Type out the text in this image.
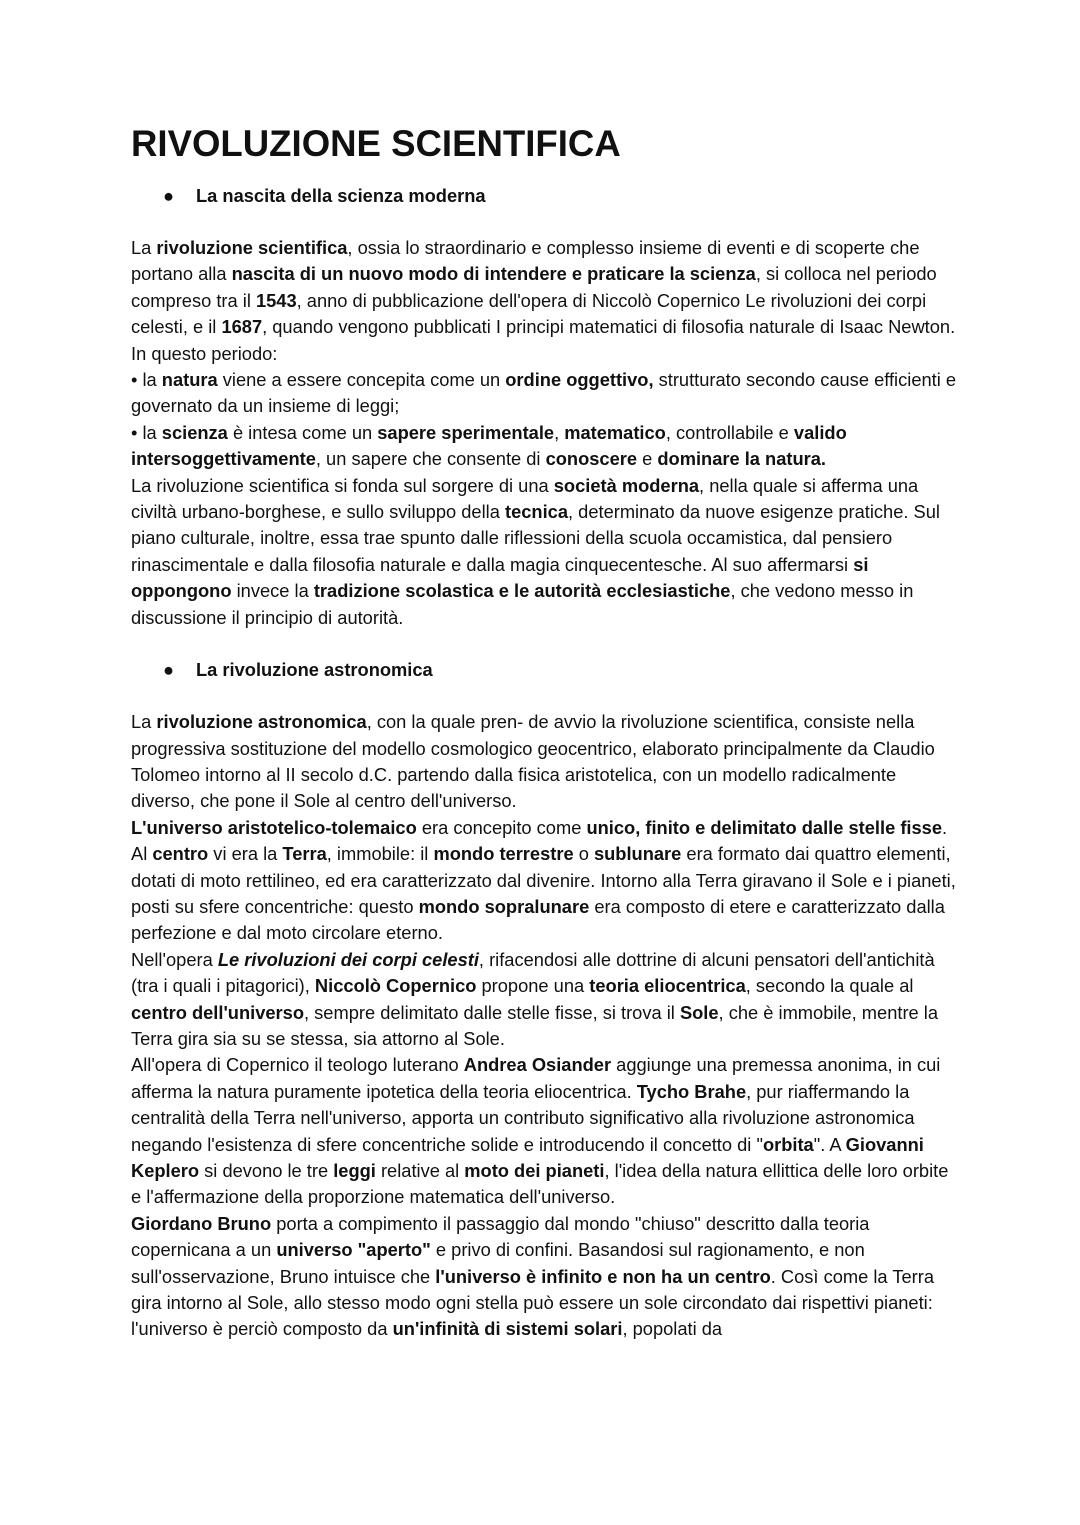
RIVOLUZIONE SCIENTIFICA
● La nascita della scienza moderna

La rivoluzione scientifica, ossia lo straordinario e complesso insieme di eventi e di scoperte che portano alla nascita di un nuovo modo di intendere e praticare la scienza, si colloca nel periodo compreso tra il 1543, anno di pubblicazione dell'opera di Niccolò Copernico Le rivoluzioni dei corpi celesti, e il 1687, quando vengono pubblicati I principi matematici di filosofia naturale di Isaac Newton. In questo periodo:

• la natura viene a essere concepita come un ordine oggettivo, strutturato secondo cause efficienti e governato da un insieme di leggi;

• la scienza è intesa come un sapere sperimentale, matematico, controllabile e valido intersoggettivamente, un sapere che consente di conoscere e dominare la natura.

La rivoluzione scientifica si fonda sul sorgere di una società moderna, nella quale si afferma una civiltà urbano-borghese, e sullo sviluppo della tecnica, determinato da nuove esigenze pratiche. Sul piano culturale, inoltre, essa trae spunto dalle riflessioni della scuola occamistica, dal pensiero rinascimentale e dalla filosofia naturale e dalla magia cinquecentesche. Al suo affermarsi si oppongono invece la tradizione scolastica e le autorità ecclesiastiche, che vedono messo in discussione il principio di autorità.

● La rivoluzione astronomica

La rivoluzione astronomica, con la quale pren- de avvio la rivoluzione scientifica, consiste nella progressiva sostituzione del modello cosmologico geocentrico, elaborato principalmente da Claudio Tolomeo intorno al II secolo d.C. partendo dalla fisica aristotelica, con un modello radicalmente diverso, che pone il Sole al centro dell'universo.

L'universo aristotelico-tolemaico era concepito come unico, finito e delimitato dalle stelle fisse. Al centro vi era la Terra, immobile: il mondo terrestre o sublunare era formato dai quattro elementi, dotati di moto rettilineo, ed era caratterizzato dal divenire. Intorno alla Terra giravano il Sole e i pianeti, posti su sfere concentriche: questo mondo sopralunare era composto di etere e caratterizzato dalla perfezione e dal moto circolare eterno.

Nell'opera Le rivoluzioni dei corpi celesti, rifacendosi alle dottrine di alcuni pensatori dell'antichità (tra i quali i pitagorici), Niccolò Copernico propone una teoria eliocentrica, secondo la quale al centro dell'universo, sempre delimitato dalle stelle fisse, si trova il Sole, che è immobile, mentre la Terra gira sia su se stessa, sia attorno al Sole.

All'opera di Copernico il teologo luterano Andrea Osiander aggiunge una premessa anonima, in cui afferma la natura puramente ipotetica della teoria eliocentrica. Tycho Brahe, pur riaffermando la centralità della Terra nell'universo, apporta un contributo significativo alla rivoluzione astronomica negando l'esistenza di sfere concentriche solide e introducendo il concetto di "orbita". A Giovanni Keplero si devono le tre leggi relative al moto dei pianeti, l'idea della natura ellittica delle loro orbite e l'affermazione della proporzione matematica dell'universo.

Giordano Bruno porta a compimento il passaggio dal mondo "chiuso" descritto dalla teoria copernicana a un universo "aperto" e privo di confini. Basandosi sul ragionamento, e non sull'osservazione, Bruno intuisce che l'universo è infinito e non ha un centro. Così come la Terra gira intorno al Sole, allo stesso modo ogni stella può essere un sole circondato dai rispettivi pianeti: l'universo è perciò composto da un'infinità di sistemi solari, popolati da
